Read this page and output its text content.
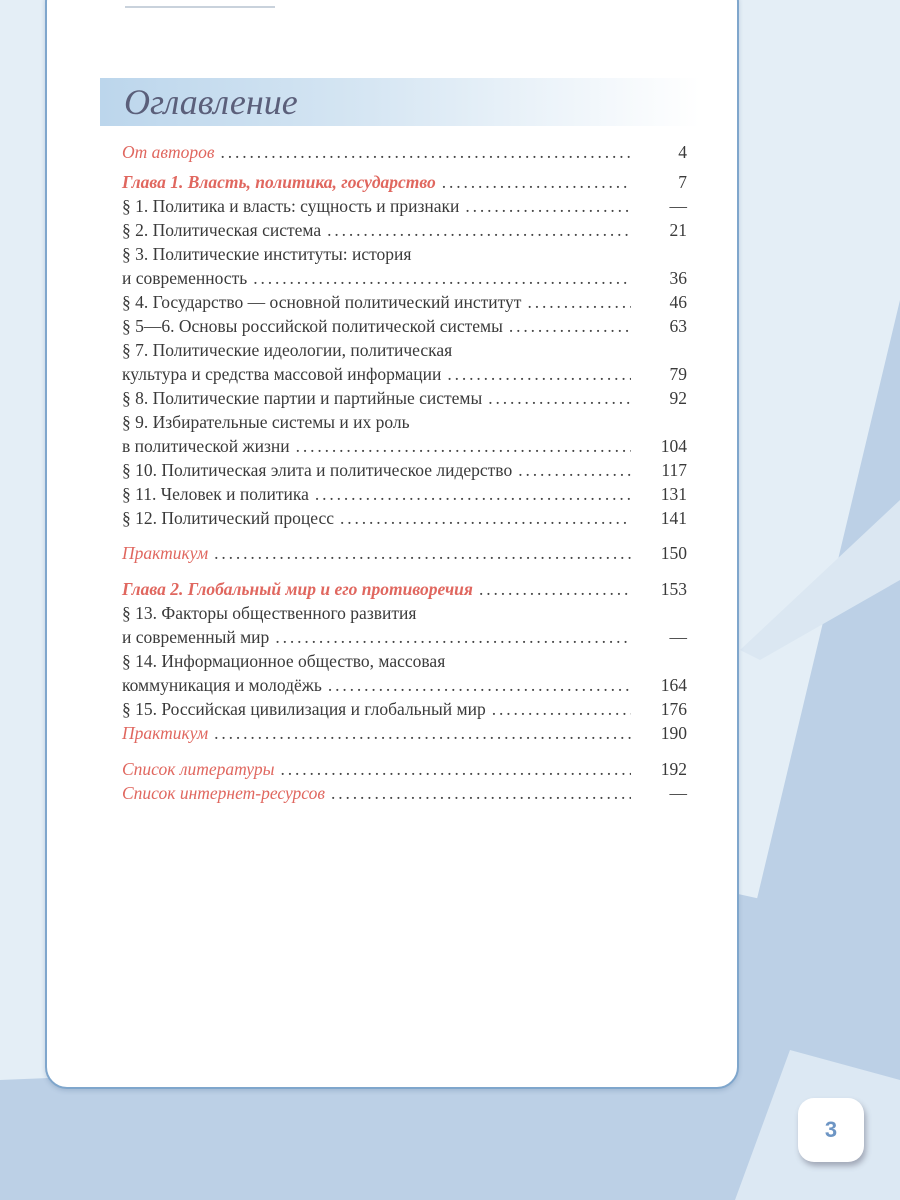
Оглавление
От авторов . . .	4
Глава 1. Власть, политика, государство . . .	7
§ 1. Политика и власть: сущность и признаки . . .	—
§ 2. Политическая система . . .	21
§ 3. Политические институты: история
и современность . . .	36
§ 4. Государство — основной политический институт . . .	46
§ 5—6. Основы российской политической системы . . .	63
§ 7. Политические идеологии, политическая
культура и средства массовой информации . . .	79
§ 8. Политические партии и партийные системы . . .	92
§ 9. Избирательные системы и их роль
в политической жизни . . .	104
§ 10. Политическая элита и политическое лидерство . . .	117
§ 11. Человек и политика . . .	131
§ 12. Политический процесс . . .	141
Практикум . . .	150
Глава 2. Глобальный мир и его противоречия . . .	153
§ 13. Факторы общественного развития
и современный мир . . .	—
§ 14. Информационное общество, массовая
коммуникация и молодёжь . . .	164
§ 15. Российская цивилизация и глобальный мир . . .	176
Практикум . . .	190
Список литературы . . .	192
Список интернет-ресурсов . . .	—
3
